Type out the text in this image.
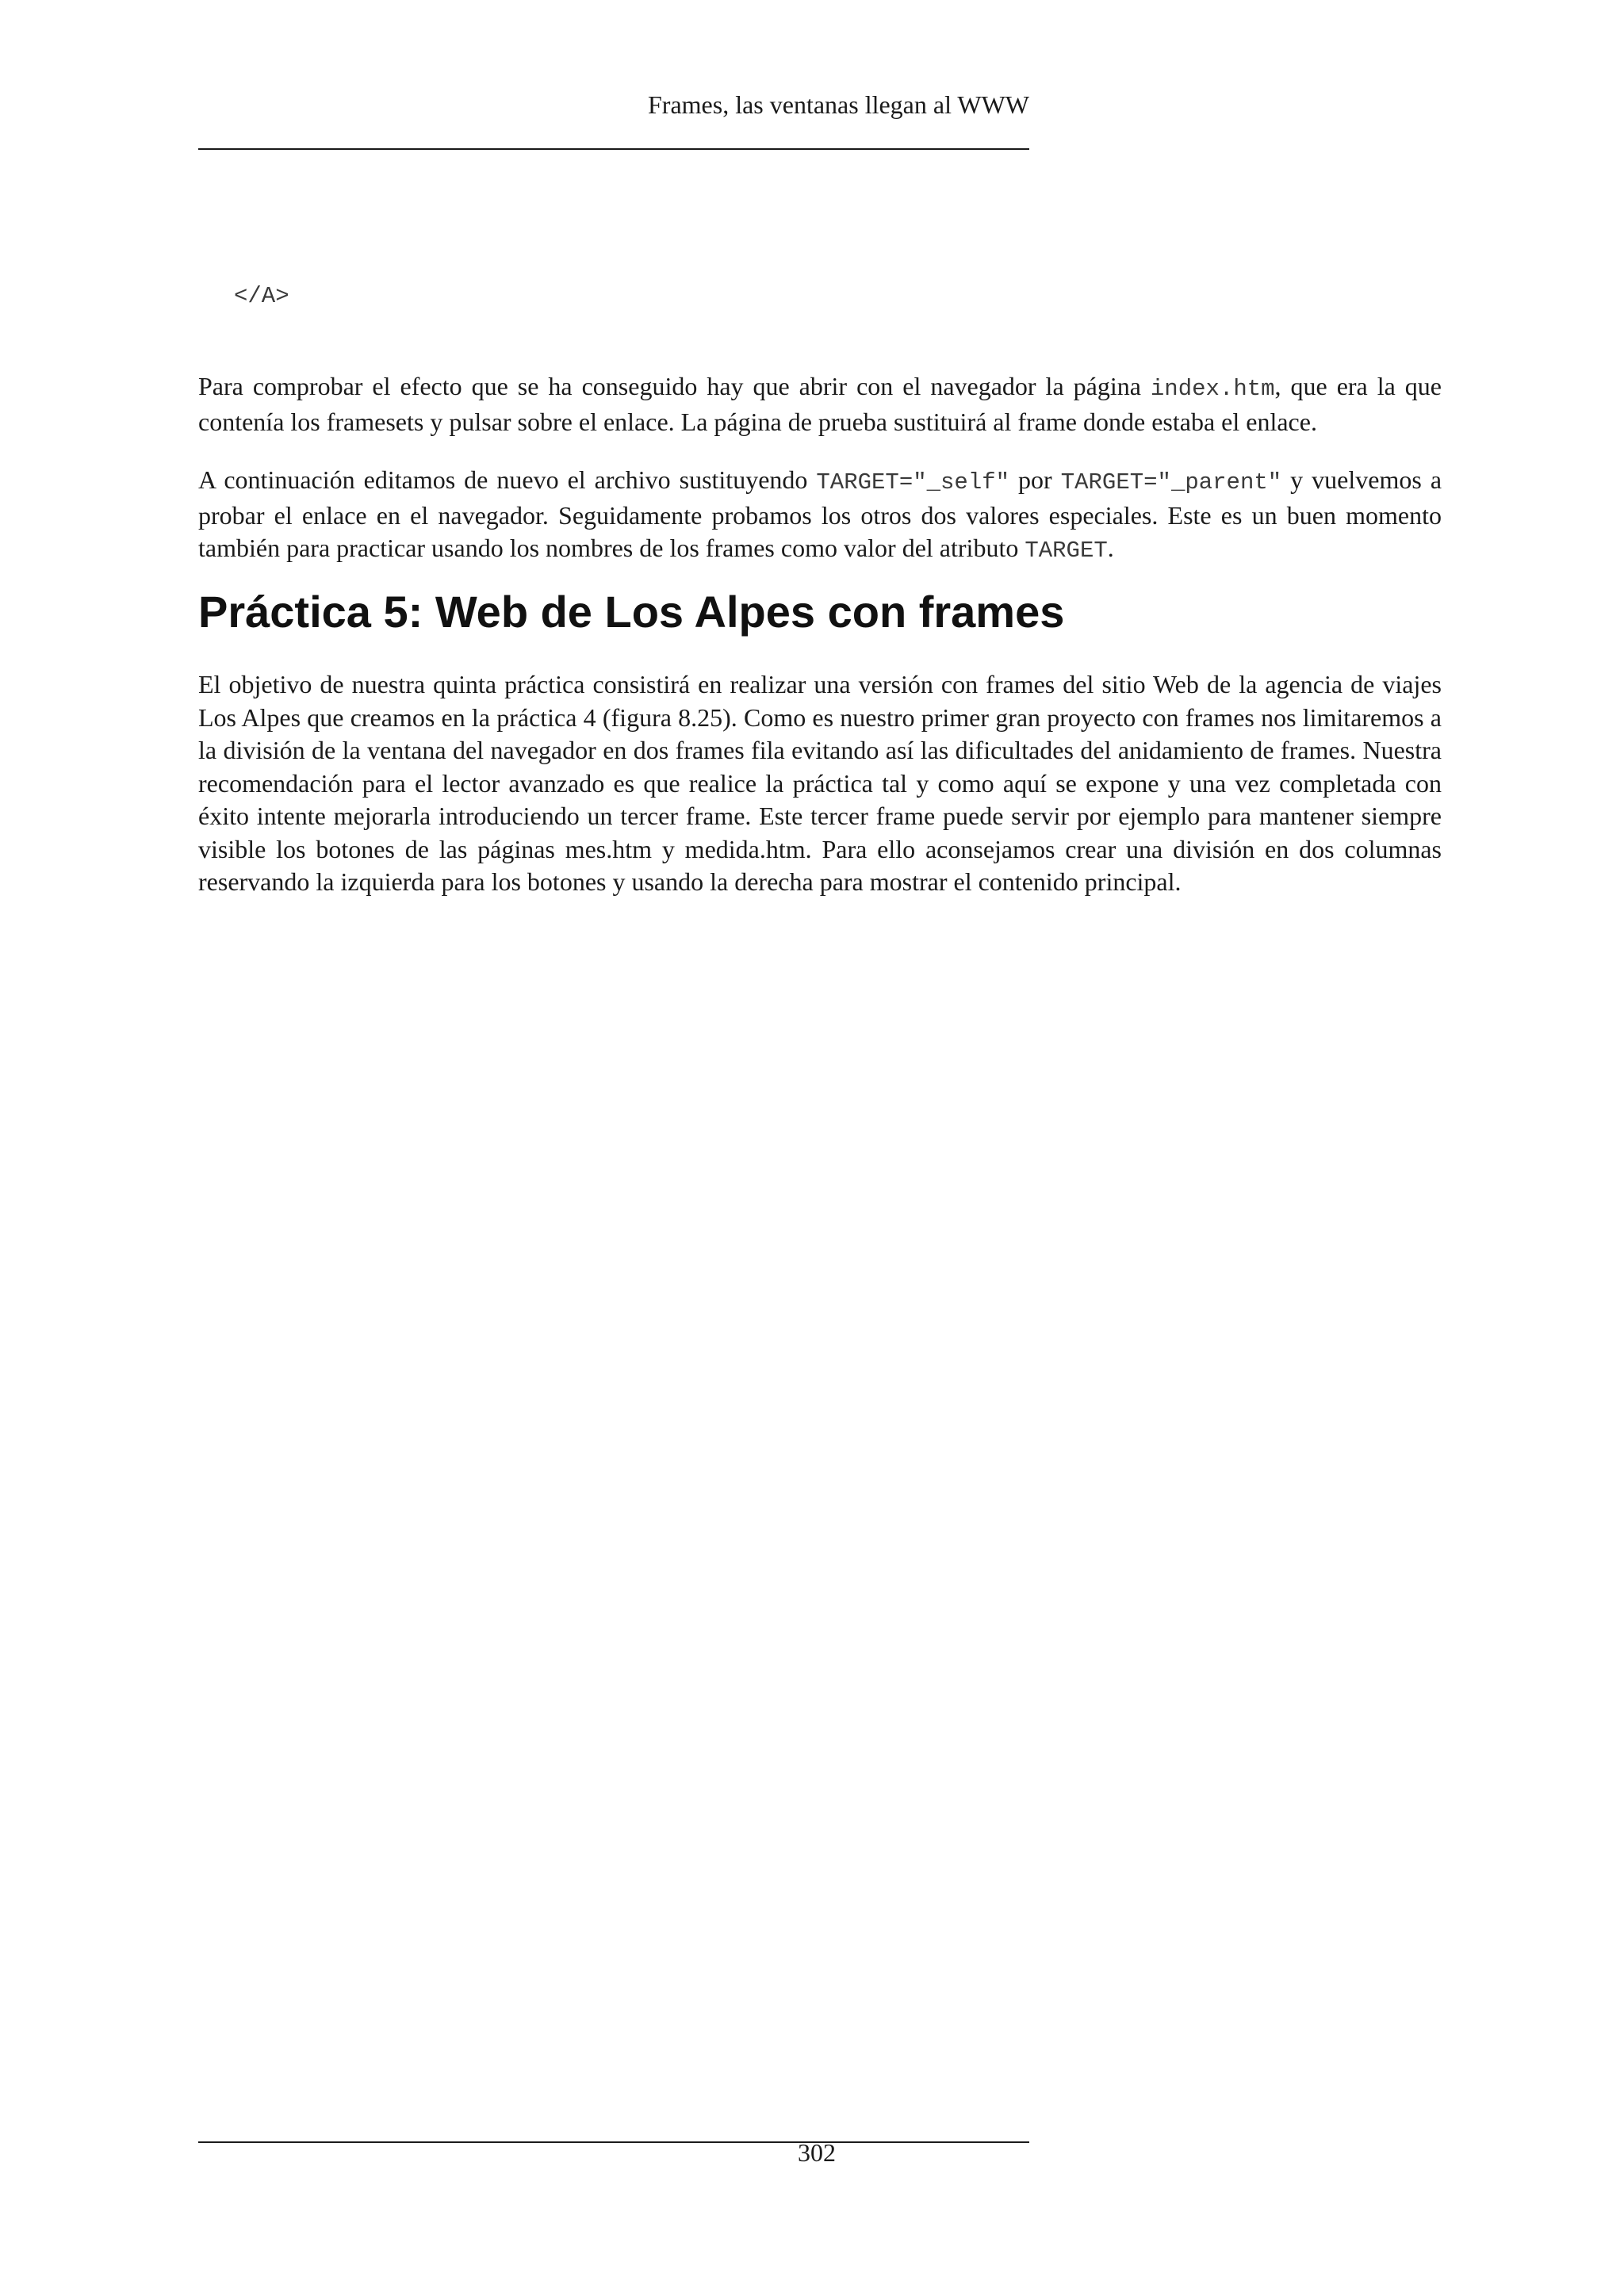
Frames, las ventanas llegan al WWW
</A>

Para comprobar el efecto que se ha conseguido hay que abrir con el navegador la página index.htm, que era la que contenía los framesets y pulsar sobre el enlace. La página de prueba sustituirá al frame donde estaba el enlace.

A continuación editamos de nuevo el archivo sustituyendo TARGET="_self" por TARGET="_parent" y vuelvemos a probar el enlace en el navegador. Seguidamente probamos los otros dos valores especiales. Este es un buen momento también para practicar usando los nombres de los frames como valor del atributo TARGET.

Práctica 5: Web de Los Alpes con frames

El objetivo de nuestra quinta práctica consistirá en realizar una versión con frames del sitio Web de la agencia de viajes Los Alpes que creamos en la práctica 4 (figura 8.25). Como es nuestro primer gran proyecto con frames nos limitaremos a la división de la ventana del navegador en dos frames fila evitando así las dificultades del anidamiento de frames. Nuestra recomendación para el lector avanzado es que realice la práctica tal y como aquí se expone y una vez completada con éxito intente mejorarla introduciendo un tercer frame. Este tercer frame puede servir por ejemplo para mantener siempre visible los botones de las páginas mes.htm y medida.htm. Para ello aconsejamos crear una división en dos columnas reservando la izquierda para los botones y usando la derecha para mostrar el contenido principal.

302
